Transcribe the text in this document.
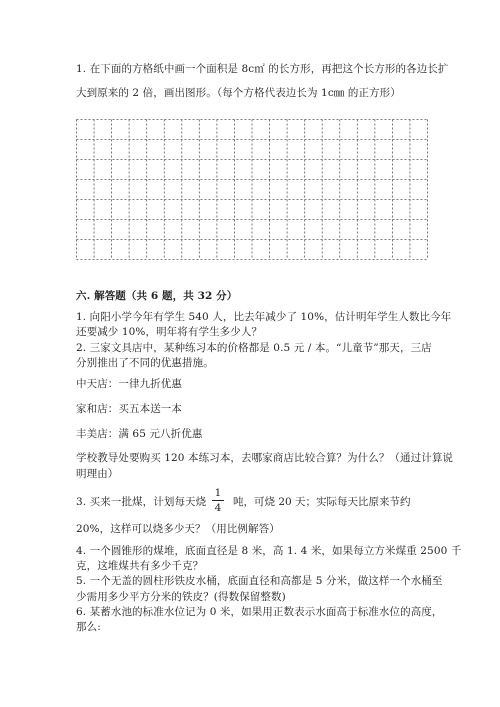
1. 在下面的方格纸中画一个面积是 8c㎡ 的长方形，再把这个长方形的各边长扩
大到原来的 2 倍，画出图形。（每个方格代表边长为 1c㎜ 的正方形）
六. 解答题（共 6 题，共 32 分）
1. 向阳小学今年有学生 540 人，比去年减少了 10%，估计明年学生人数比今年
还要减少 10%，明年将有学生多少人？
2. 三家文具店中，某种练习本的价格都是 0.5 元 / 本。“儿童节”那天，三店
分别推出了不同的优惠措施。
中天店：一律九折优惠
家和店：买五本送一本
丰美店：满 65 元八折优惠
学校教导处要购买 120 本练习本，去哪家商店比较合算？为什么？（通过计算说
明理由）
3. 买来一批煤，计划每天烧
1
4 吨，可烧 20 天；实际每天比原来节约
20%，这样可以烧多少天？（用比例解答）
4. 一个圆锥形的煤堆，底面直径是 8 米，高 1. 4 米，如果每立方米煤重 2500 千
克，这堆煤共有多少千克？
5. 一个无盖的圆柱形铁皮水桶，底面直径和高都是 5 分米，做这样一个水桶至
少需用多少平方分米的铁皮？(得数保留整数)
6. 某蓄水池的标准水位记为 0 米，如果用正数表示水面高于标准水位的高度，
那么:
